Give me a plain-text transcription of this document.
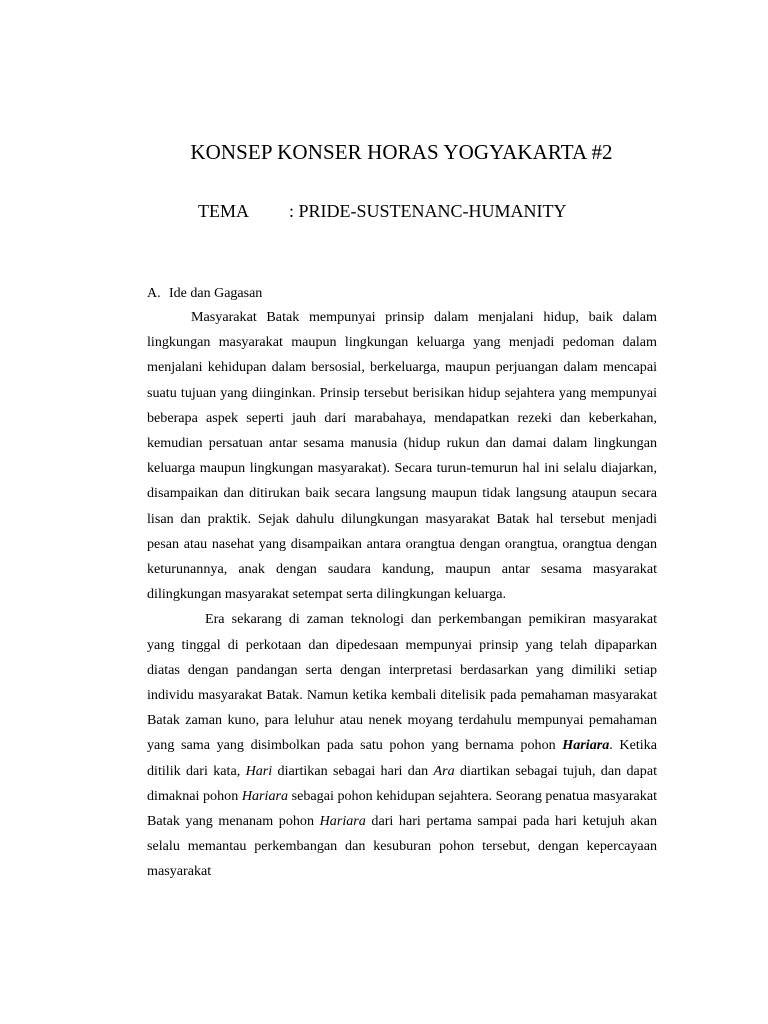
KONSEP KONSER HORAS YOGYAKARTA #2
TEMA : PRIDE-SUSTENANC-HUMANITY
A. Ide dan Gagasan

Masyarakat Batak mempunyai prinsip dalam menjalani hidup, baik dalam lingkungan masyarakat maupun lingkungan keluarga yang menjadi pedoman dalam menjalani kehidupan dalam bersosial, berkeluarga, maupun perjuangan dalam mencapai suatu tujuan yang diinginkan. Prinsip tersebut berisikan hidup sejahtera yang mempunyai beberapa aspek seperti jauh dari marabahaya, mendapatkan rezeki dan keberkahan, kemudian persatuan antar sesama manusia (hidup rukun dan damai dalam lingkungan keluarga maupun lingkungan masyarakat). Secara turun-temurun hal ini selalu diajarkan, disampaikan dan ditirukan baik secara langsung maupun tidak langsung ataupun secara lisan dan praktik. Sejak dahulu dilungkungan masyarakat Batak hal tersebut menjadi pesan atau nasehat yang disampaikan antara orangtua dengan orangtua, orangtua dengan keturunannya, anak dengan saudara kandung, maupun antar sesama masyarakat dilingkungan masyarakat setempat serta dilingkungan keluarga.

Era sekarang di zaman teknologi dan perkembangan pemikiran masyarakat yang tinggal di perkotaan dan dipedesaan mempunyai prinsip yang telah dipaparkan diatas dengan pandangan serta dengan interpretasi berdasarkan yang dimiliki setiap individu masyarakat Batak. Namun ketika kembali ditelisik pada pemahaman masyarakat Batak zaman kuno, para leluhur atau nenek moyang terdahulu mempunyai pemahaman yang sama yang disimbolkan pada satu pohon yang bernama pohon Hariara. Ketika ditilik dari kata, Hari diartikan sebagai hari dan Ara diartikan sebagai tujuh, dan dapat dimaknai pohon Hariara sebagai pohon kehidupan sejahtera. Seorang penatua masyarakat Batak yang menanam pohon Hariara dari hari pertama sampai pada hari ketujuh akan selalu memantau perkembangan dan kesuburan pohon tersebut, dengan kepercayaan masyarakat
